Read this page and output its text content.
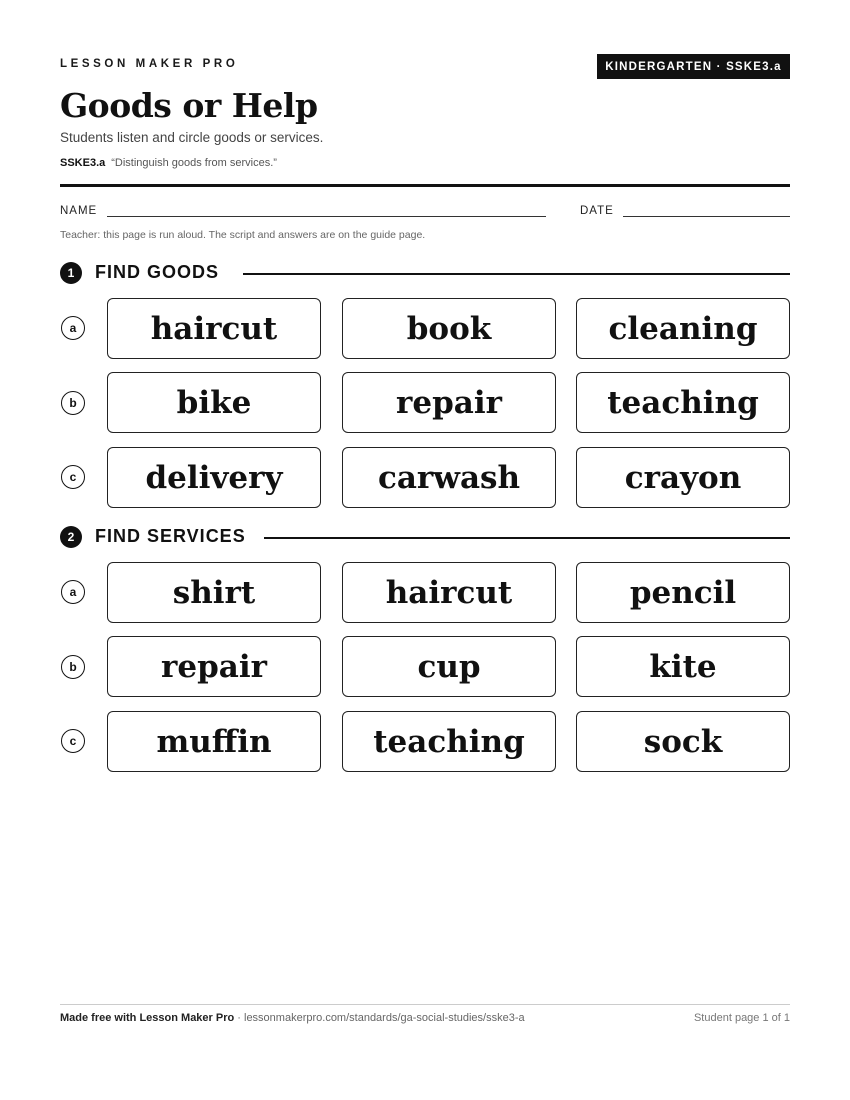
LESSON MAKER PRO	KINDERGARTEN · SSKE3.a
Goods or Help
Students listen and circle goods or services.
SSKE3.a “Distinguish goods from services.”
NAME	DATE
Teacher: this page is run aloud. The script and answers are on the guide page.
1	FIND GOODS
a	haircut	book	cleaning
b	bike	repair	teaching
c	delivery	carwash	crayon
2	FIND SERVICES
a	shirt	haircut	pencil
b	repair	cup	kite
c	muffin	teaching	sock
Made free with Lesson Maker Pro · lessonmakerpro.com/standards/ga-social-studies/sske3-a	Student page 1 of 1
